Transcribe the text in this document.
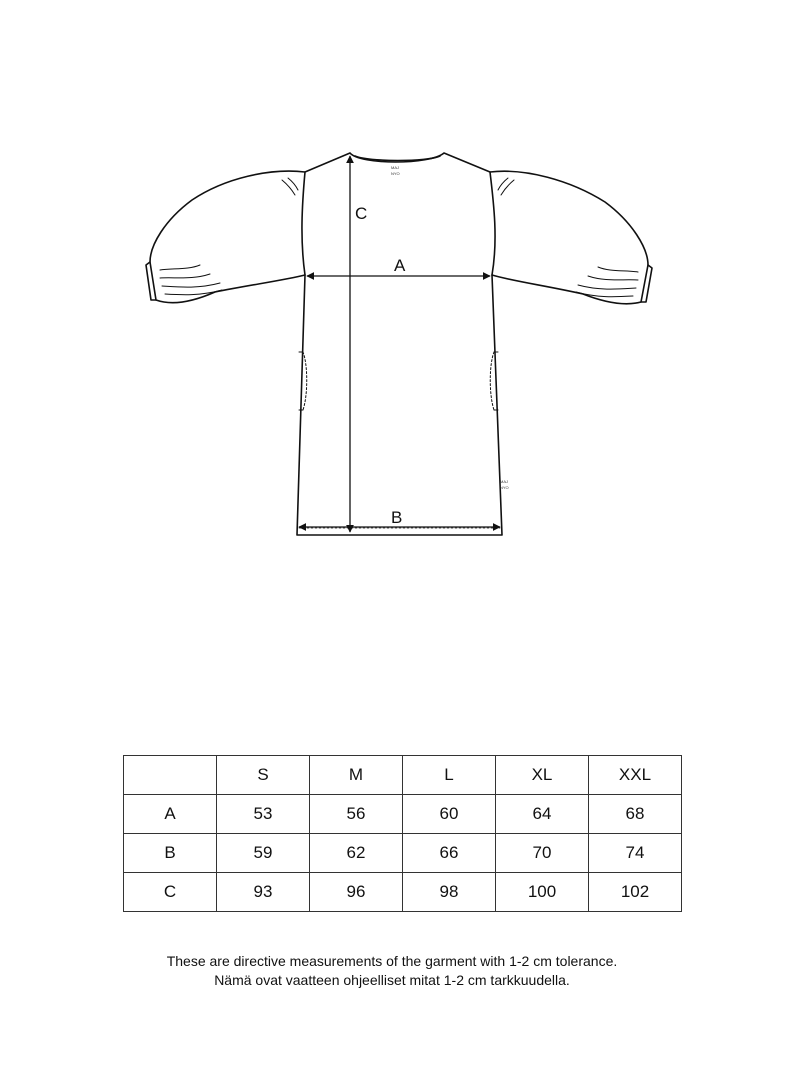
A
B
C
MAJ
NYO
MAJ
NYO
	S	M	L	XL	XXL
A	53	56	60	64	68
B	59	62	66	70	74
C	93	96	98	100	102
These are directive measurements of the garment with 1-2 cm tolerance.
Nämä ovat vaatteen ohjeelliset mitat 1-2 cm tarkkuudella.
